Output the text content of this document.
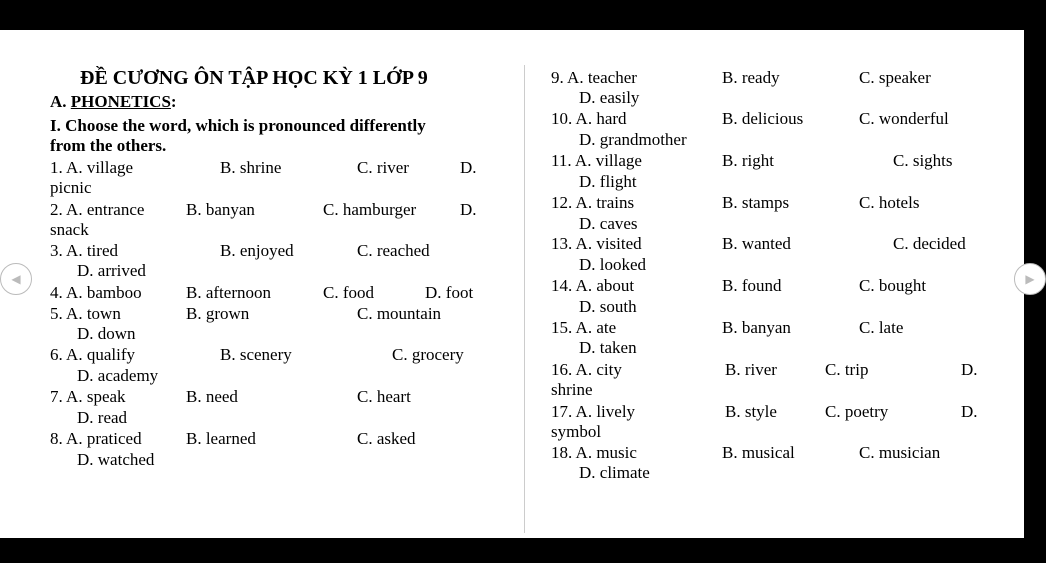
ĐỀ CƯƠNG ÔN TẬP HỌC KỲ 1 LỚP 9
A. PHONETICS:
I. Choose the word, which is pronounced differently
from the others.
1. A. village	B. shrine	C. river	D.
picnic
2. A. entrance B. banyan	C. hamburger	D.
snack
3. A. tired	B. enjoyed	C. reached
D. arrived
4. A. bamboo	B. afternoon	C. food	D. foot
5. A. town	B. grown	C. mountain
D. down
6. A. qualify	B. scenery	C. grocery
D. academy
7. A. speak	B. need	C. heart
D. read
8. A. praticed	B. learned	C. asked
D. watched
9. A. teacher	B. ready	C. speaker
D. easily
10. A. hard	B. delicious	C. wonderful
D. grandmother
11. A. village	B. right	C. sights
D. flight
12. A. trains	B. stamps	C. hotels
D. caves
13. A. visited	B. wanted	C. decided
D. looked
14. A. about	B. found	C. bought
D. south
15. A. ate	B. banyan	C. late
D. taken
16. A. city	B. river	C. trip	D.
shrine
17. A. lively	B. style	C. poetry	D.
symbol
18. A. music	B. musical	C. musician
D. climate
◀	▶
